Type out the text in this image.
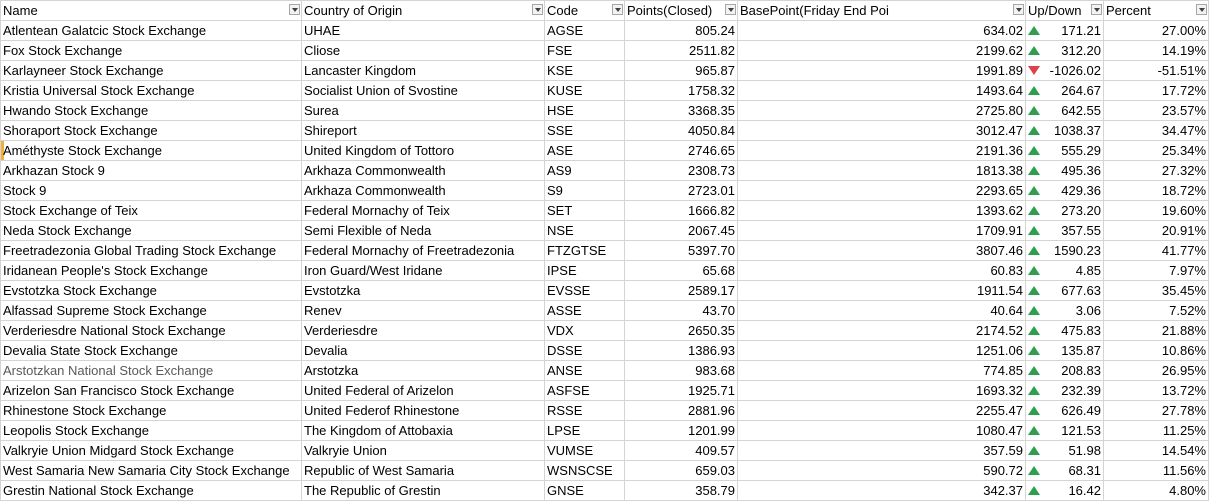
Name	Country of Origin	Code	Points(Closed)	BasePoint(Friday End Poi	Up/Down	Percent

Atlentean Galatcic Stock Exchange	UHAE	AGSE	805.24	634.02	171.21	27.00%
Fox Stock Exchange	Cliose	FSE	2511.82	2199.62	312.20	14.19%
Karlayneer Stock Exchange	Lancaster Kingdom	KSE	965.87	1991.89	-1026.02	-51.51%
Kristia Universal Stock Exchange	Socialist Union of Svostine	KUSE	1758.32	1493.64	264.67	17.72%
Hwando Stock Exchange	Surea	HSE	3368.35	2725.80	642.55	23.57%
Shoraport Stock Exchange	Shireport	SSE	4050.84	3012.47	1038.37	34.47%
Améthyste Stock Exchange	United Kingdom of Tottoro	ASE	2746.65	2191.36	555.29	25.34%
Arkhazan Stock 9	Arkhaza Commonwealth	AS9	2308.73	1813.38	495.36	27.32%
Stock 9	Arkhaza Commonwealth	S9	2723.01	2293.65	429.36	18.72%
Stock Exchange of Teix	Federal Mornachy of Teix	SET	1666.82	1393.62	273.20	19.60%
Neda Stock Exchange	Semi Flexible of Neda	NSE	2067.45	1709.91	357.55	20.91%
Freetradezonia Global Trading Stock Exchange	Federal Mornachy of Freetradezonia	FTZGTSE	5397.70	3807.46	1590.23	41.77%
Iridanean People's Stock Exchange	Iron Guard/West Iridane	IPSE	65.68	60.83	4.85	7.97%
Evstotzka Stock Exchange	Evstotzka	EVSSE	2589.17	1911.54	677.63	35.45%
Alfassad Supreme Stock Exchange	Renev	ASSE	43.70	40.64	3.06	7.52%
Verderiesdre National Stock Exchange	Verderiesdre	VDX	2650.35	2174.52	475.83	21.88%
Devalia State Stock Exchange	Devalia	DSSE	1386.93	1251.06	135.87	10.86%
Arstotzkan National Stock Exchange	Arstotzka	ANSE	983.68	774.85	208.83	26.95%
Arizelon San Francisco Stock Exchange	United Federal of Arizelon	ASFSE	1925.71	1693.32	232.39	13.72%
Rhinestone Stock Exchange	United Federof Rhinestone	RSSE	2881.96	2255.47	626.49	27.78%
Leopolis Stock Exchange	The Kingdom of Attobaxia	LPSE	1201.99	1080.47	121.53	11.25%
Valkryie Union Midgard Stock Exchange	Valkryie Union	VUMSE	409.57	357.59	51.98	14.54%
West Samaria New Samaria City Stock Exchange	Republic of West Samaria	WSNSCSE	659.03	590.72	68.31	11.56%
Grestin National Stock Exchange	The Republic of Grestin	GNSE	358.79	342.37	16.42	4.80%
